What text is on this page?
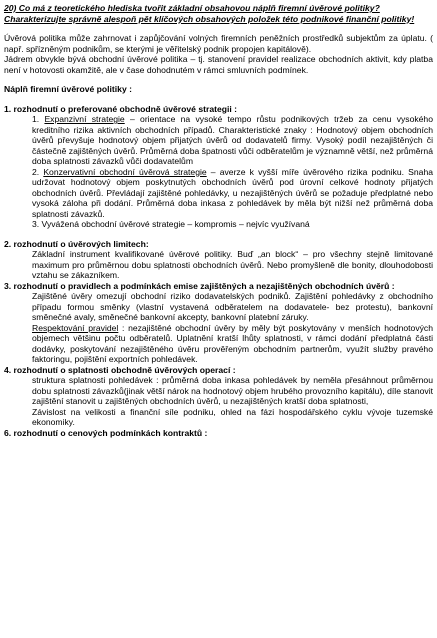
20) Co má z teoretického hlediska tvořit základní obsahovou náplň firemní úvěrové politiky? Charakterizujte správně alespoň pět klíčových obsahových položek této podnikové finanční politiky!

Úvěrová politika může zahrnovat i zapůjčování volných firemních peněžních prostředků subjektům za úplatu. ( např. spřízněným podnikům, se kterými je věřitelský podnik propojen kapitálově).

Jádrem obvykle bývá obchodní úvěrové politika – tj. stanovení pravidel realizace obchodních aktivit, kdy platba není v hotovosti okamžitě, ale v čase dohodnutém v rámci smluvních podmínek.

Náplň firemní úvěrové politiky :

1. rozhodnutí o preferované obchodně úvěrové strategii :

1. Expanzivní strategie – orientace na vysoké tempo růstu podnikových tržeb za cenu vysokého kreditního rizika aktivních obchodních případů. Charakteristické znaky : Hodnotový objem obchodních úvěrů převyšuje hodnotový objem přijatých úvěrů od dodavatelů firmy. Vysoký podíl nezajištěných či částečně zajištěných úvěrů. Průměrná doba špatnosti vůči odběratelům je významně větší, než průměrná doba splatnosti závazků vůči dodavatelům

2. Konzervativní obchodní úvěrová strategie – averze k vyšší míře úvěrového rizika podniku. Snaha udržovat hodnotový objem poskytnutých obchodních úvěrů pod úrovní celkové hodnoty přijatých obchodních úvěrů. Převládají zajištěné pohledávky, u nezajištěných úvěrů se požaduje předplatné nebo vysoká záloha při dodání. Průměrná doba inkasa z pohledávek by měla být nižší než průměrná doba splatnosti závazků.

3. Vyvážená obchodní úvěrové strategie – kompromis – nejvíc využívaná

2. rozhodnutí o úvěrových limitech:

Základní instrument kvalifikované úvěrové politiky. Buď „an block“ – pro všechny stejně limitované maximum pro průměrnou dobu splatnosti obchodních úvěrů. Nebo promyšleně dle bonity, dlouhodobosti vztahu se zákazníkem.

3. rozhodnutí o pravidlech a podmínkách emise zajištěných a nezajištěných obchodních úvěrů :

Zajištěné úvěry omezují obchodní riziko dodavatelských podniků. Zajištění pohledávky z obchodního případu formou směnky (vlastní vystavená odběratelem na dodavatele- bez protestu), bankovní směnečné avaly, směnečné bankovní akcepty, bankovní platební záruky.

Respektování pravidel : nezajištěné obchodní úvěry by měly být poskytovány v menších hodnotových objemech většinu počtu odběratelů. Uplatnění kratší lhůty splatnosti, v rámci dodání předplatná části dodávky, poskytování nezajištěného úvěru prověřeným obchodním partnerům, využít služby pravého faktoringu, pojištění exportních pohledávek.

4. rozhodnutí o splatnosti obchodně úvěrových operací :

struktura splatnosti pohledávek : průměrná doba inkasa pohledávek by neměla přesáhnout průměrnou dobu splatnosti závazků(jinak větší nárok na hodnotový objem hrubého provozního kapitálu), díle stanovit zajištění stanovit u zajištěných obchodních úvěrů, u nezajištěných kratší doba splatnosti,

Závislost na velikosti a finanční síle podniku, ohled na fázi hospodářského cyklu vývoje tuzemské ekonomiky.

6. rozhodnutí o cenových podmínkách kontraktů :
